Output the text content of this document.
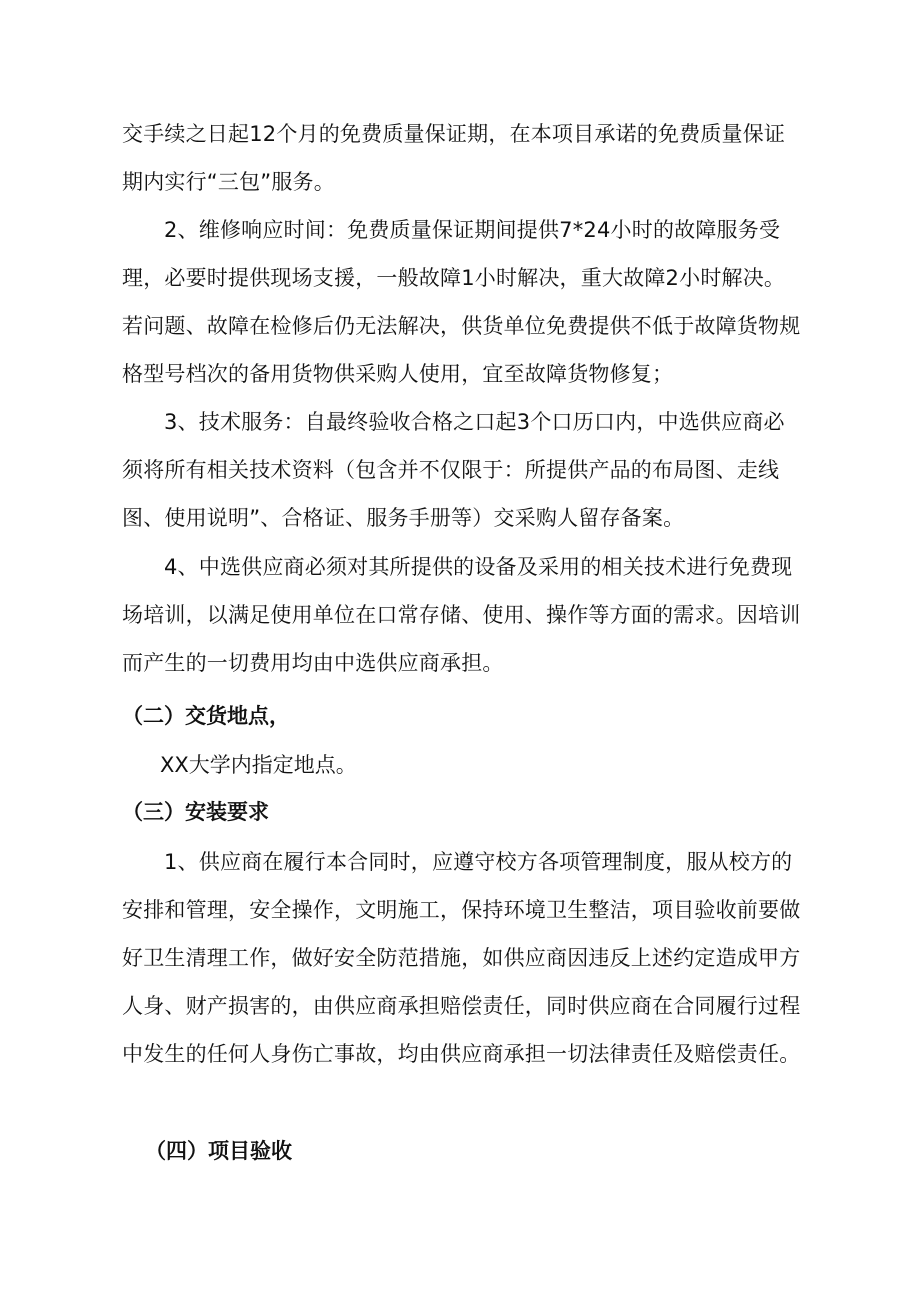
交手续之日起12个月的免费质量保证期，在本项目承诺的免费质量保证期内实行“三包”服务。

2、维修响应时间：免费质量保证期间提供7*24小时的故障服务受理，必要时提供现场支援，一般故障1小时解决，重大故障2小时解决。若问题、故障在检修后仍无法解决，供货单位免费提供不低于故障货物规格型号档次的备用货物供采购人使用，宜至故障货物修复；

3、技术服务：自最终验收合格之口起3个口历口内，中选供应商必须将所有相关技术资料（包含并不仅限于：所提供产品的布局图、走线图、使用说明”、合格证、服务手册等）交采购人留存备案。

4、中选供应商必须对其所提供的设备及采用的相关技术进行免费现场培训，以满足使用单位在口常存储、使用、操作等方面的需求。因培训而产生的一切费用均由中选供应商承担。

（二）交货地点，
XX大学内指定地点。
（三）安装要求

1、供应商在履行本合同时，应遵守校方各项管理制度，服从校方的安排和管理，安全操作，文明施工，保持环境卫生整洁，项目验收前要做好卫生清理工作，做好安全防范措施，如供应商因违反上述约定造成甲方人身、财产损害的，由供应商承担赔偿责任，同时供应商在合同履行过程中发生的任何人身伤亡事故，均由供应商承担一切法律责任及赔偿责任。

（四）项目验收
